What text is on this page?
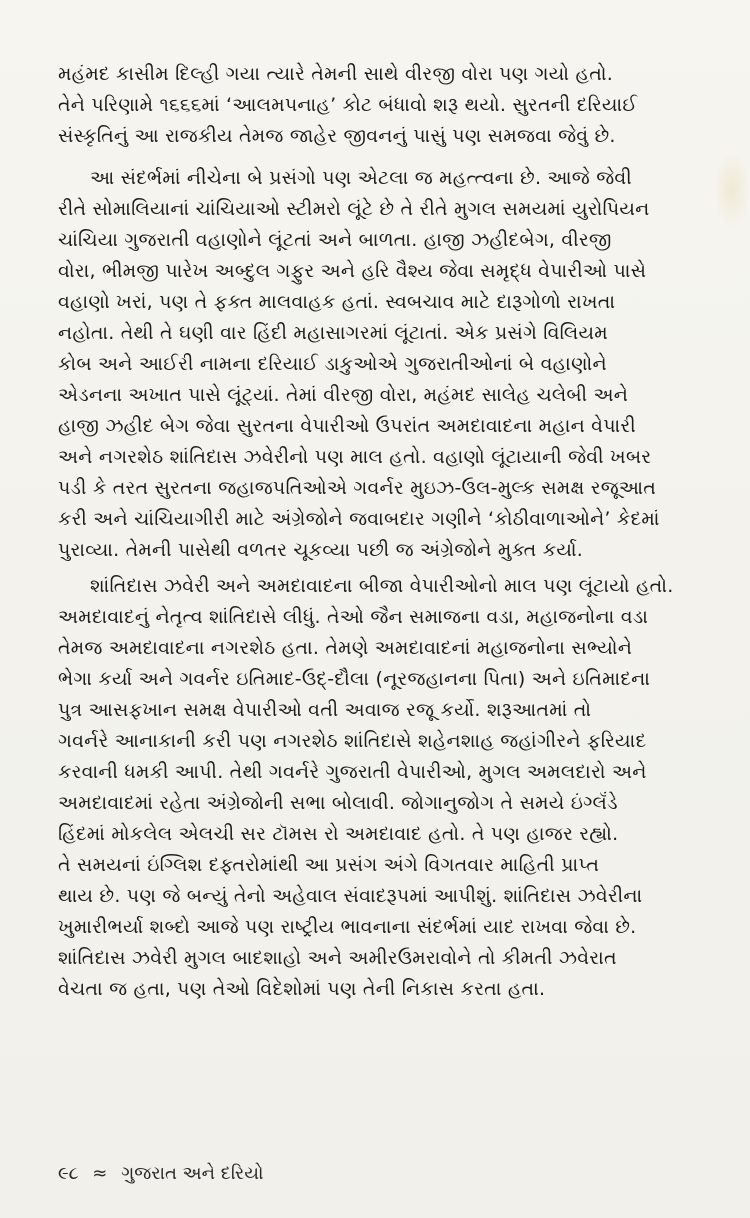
મહંમદ કાસીમ દિલ્હી ગયા ત્યારે તેમની સાથે વીરજી વોરા પણ ગયો હતો.
તેને પરિણામે ૧૬૬૬માં ‘આલમપનાહ’ કોટ બંધાવો શરૂ થયો. સુરતની દરિયાઈ
સંસ્કૃતિનું આ રાજકીય તેમજ જાહેર જીવનનું પાસું પણ સમજવા જેવું છે.
આ સંદર્ભમાં નીચેના બે પ્રસંગો પણ એટલા જ મહત્ત્વના છે. આજે જેવી
રીતે સોમાલિયાનાં ચાંચિયાઓ સ્ટીમરો લૂંટે છે તે રીતે મુગલ સમયમાં યુરોપિયન
ચાંચિયા ગુજરાતી વહાણોને લૂંટતાં અને બાળતા. હાજી ઝહીદબેગ, વીરજી
વોરા, ભીમજી પારેખ અબ્દુલ ગફુર અને હરિ વૈશ્ય જેવા સમૃદ્ધ વેપારીઓ પાસે
વહાણો ખરાં, પણ તે ફક્ત માલવાહક હતાં. સ્વબચાવ માટે દારૂગોળો રાખતા
નહોતા. તેથી તે ઘણી વાર હિંદી મહાસાગરમાં લૂંટાતાં. એક પ્રસંગે વિલિયમ
કોબ અને આઈરી નામના દરિયાઈ ડાકુઓએ ગુજરાતીઓનાં બે વહાણોને
એડનના અખાત પાસે લૂંટ્યાં. તેમાં વીરજી વોરા, મહંમદ સાલેહ ચલેબી અને
હાજી ઝહીદ બેગ જેવા સુરતના વેપારીઓ ઉપરાંત અમદાવાદના મહાન વેપારી
અને નગરશેઠ શાંતિદાસ ઝવેરીનો પણ માલ હતો. વહાણો લૂંટાયાની જેવી ખબર
પડી કે તરત સુરતના જહાજપતિઓએ ગવર્નર મુઇઝ-ઉલ-મુલ્ક સમક્ષ રજૂઆત
કરી અને ચાંચિયાગીરી માટે અંગ્રેજોને જવાબદાર ગણીને ‘કોઠીવાળાઓને’ કેદમાં
પુરાવ્યા. તેમની પાસેથી વળતર ચૂકવ્યા પછી જ અંગ્રેજોને મુક્ત કર્યા.
શાંતિદાસ ઝવેરી અને અમદાવાદના બીજા વેપારીઓનો માલ પણ લૂંટાયો હતો.
અમદાવાદનું નેતૃત્વ શાંતિદાસે લીધું. તેઓ જૈન સમાજના વડા, મહાજનોના વડા
તેમજ અમદાવાદના નગરશેઠ હતા. તેમણે અમદાવાદનાં મહાજનોના સભ્યોને
ભેગા કર્યા અને ગવર્નર ઇતિમાદ-ઉદ્-દૌલા (નૂરજહાનના પિતા) અને ઇતિમાદના
પુત્ર આસફખાન સમક્ષ વેપારીઓ વતી અવાજ રજૂ કર્યો. શરૂઆતમાં તો
ગવર્નરે આનાકાની કરી પણ નગરશેઠ શાંતિદાસે શહેનશાહ જહાંગીરને ફરિયાદ
કરવાની ધમકી આપી. તેથી ગવર્નરે ગુજરાતી વેપારીઓ, મુગલ અમલદારો અને
અમદાવાદમાં રહેતા અંગ્રેજોની સભા બોલાવી. જોગાનુજોગ તે સમયે ઇંગ્લૅંડે
હિંદમાં મોકલેલ એલચી સર ટૉમસ રો અમદાવાદ હતો. તે પણ હાજર રહ્યો.
તે સમયનાં ઇંગ્લિશ દફ્તરોમાંથી આ પ્રસંગ અંગે વિગતવાર માહિતી પ્રાપ્ત
થાય છે. પણ જે બન્યું તેનો અહેવાલ સંવાદરૂપમાં આપીશું. શાંતિદાસ ઝવેરીના
ખુમારીભર્યા શબ્દો આજે પણ રાષ્ટ્રીય ભાવનાના સંદર્ભમાં યાદ રાખવા જેવા છે.
શાંતિદાસ ઝવેરી મુગલ બાદશાહો અને અમીરઉમરાવોને તો કીમતી ઝવેરાત
વેચતા જ હતા, પણ તેઓ વિદેશોમાં પણ તેની નિકાસ કરતા હતા.
૯૮ ≈ ગુજરાત અને દરિયો
